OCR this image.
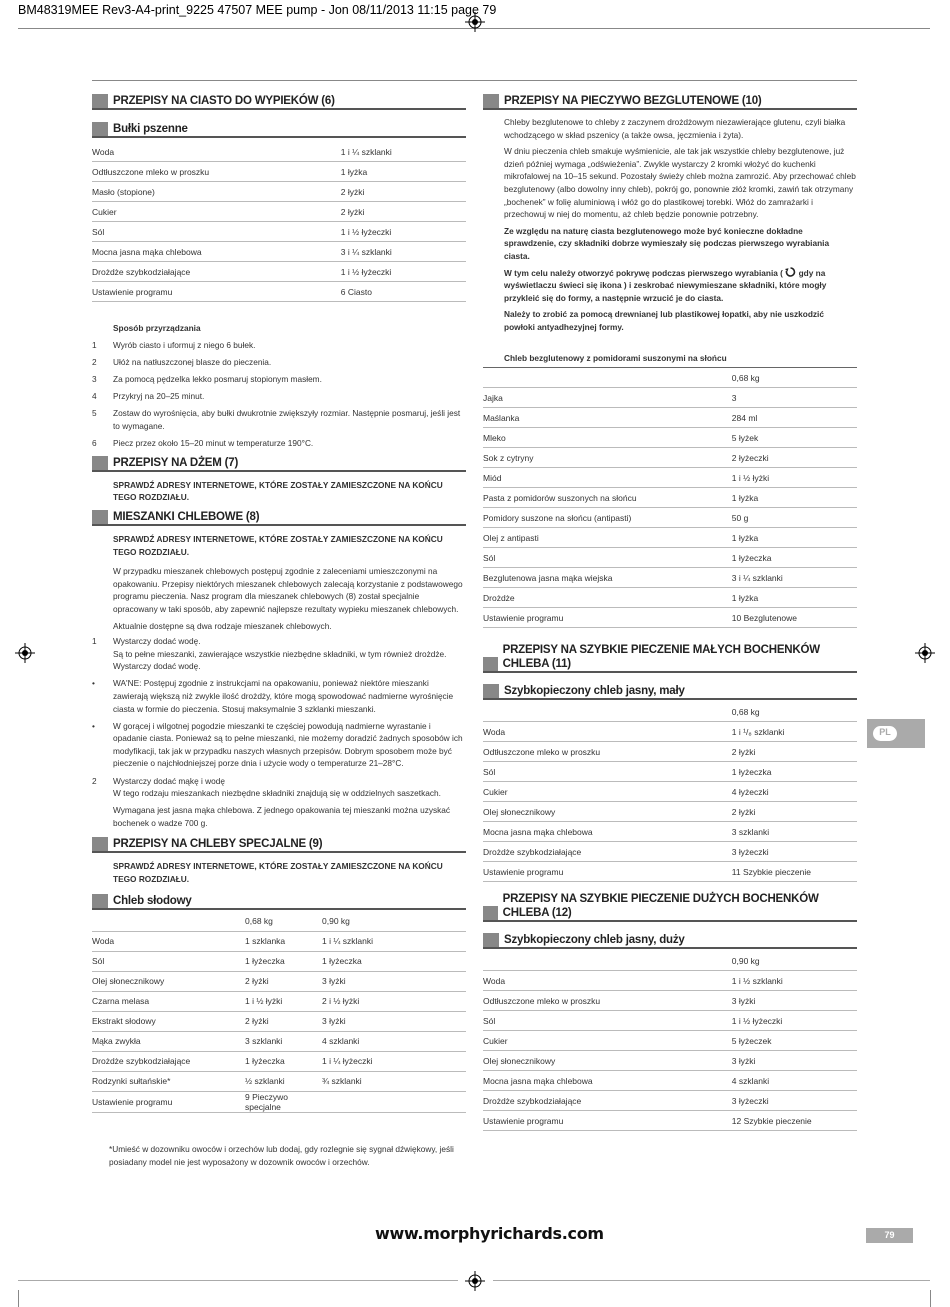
BM48319MEE Rev3-A4-print_9225 47507 MEE pump - Jon 08/11/2013 11:15 page 79
PRZEPISY NA CIASTO DO WYPIEKÓW (6)
Bułki pszenne
Woda	1 i ¼ szklanki
Odtłuszczone mleko w proszku	1 łyżka
Masło (stopione)	2 łyżki
Cukier	2 łyżki
Sól	1 i ½ łyżeczki
Mocna jasna mąka chlebowa	3 i ¼ szklanki
Drożdże szybkodziałające	1 i ½ łyżeczki
Ustawienie programu	6 Ciasto
Sposób przyrządzania
1	Wyrób ciasto i uformuj z niego 6 bułek.
2	Ułóż na natłuszczonej blasze do pieczenia.
3	Za pomocą pędzelka lekko posmaruj stopionym masłem.
4	Przykryj na 20–25 minut.
5	Zostaw do wyrośnięcia, aby bułki dwukrotnie zwiększyły rozmiar. Następnie posmaruj, jeśli jest to wymagane.
6	Piecz przez około 15–20 minut w temperaturze 190°C.
PRZEPISY NA DŻEM (7)
SPRAWDŹ ADRESY INTERNETOWE, KTÓRE ZOSTAŁY ZAMIESZCZONE NA KOŃCU TEGO ROZDZIAŁU.
MIESZANKI CHLEBOWE (8)
SPRAWDŹ ADRESY INTERNETOWE, KTÓRE ZOSTAŁY ZAMIESZCZONE NA KOŃCU TEGO ROZDZIAŁU.
W przypadku mieszanek chlebowych postępuj zgodnie z zaleceniami umieszczonymi na opakowaniu. Przepisy niektórych mieszanek chlebowych zalecają korzystanie z podstawowego programu pieczenia. Nasz program dla mieszanek chlebowych (8) został specjalnie opracowany w taki sposób, aby zapewnić najlepsze rezultaty wypieku mieszanek chlebowych.
Aktualnie dostępne są dwa rodzaje mieszanek chlebowych.
1	Wystarczy dodać wodę.
Są to pełne mieszanki, zawierające wszystkie niezbędne składniki, w tym również drożdże. Wystarczy dodać wodę.
•	WA'NE: Postępuj zgodnie z instrukcjami na opakowaniu, ponieważ niektóre mieszanki zawierają większą niż zwykle ilość drożdży, które mogą spowodować nadmierne wyrośnięcie ciasta w formie do pieczenia. Stosuj maksymalnie 3 szklanki mieszanki.
•	W gorącej i wilgotnej pogodzie mieszanki te częściej powodują nadmierne wyrastanie i opadanie ciasta. Ponieważ są to pełne mieszanki, nie możemy doradzić żadnych sposobów ich modyfikacji, tak jak w przypadku naszych własnych przepisów. Dobrym sposobem może być pieczenie o najchłodniejszej porze dnia i użycie wody o temperaturze 21–28°C.
2	Wystarczy dodać mąkę i wodę
W tego rodzaju mieszankach niezbędne składniki znajdują się w oddzielnych saszetkach.
Wymagana jest jasna mąka chlebowa. Z jednego opakowania tej mieszanki można uzyskać bochenek o wadze 700 g.
PRZEPISY NA CHLEBY SPECJALNE (9)
SPRAWDŹ ADRESY INTERNETOWE, KTÓRE ZOSTAŁY ZAMIESZCZONE NA KOŃCU TEGO ROZDZIAŁU.
Chleb słodowy
	0,68 kg	0,90 kg
Woda	1 szklanka	1 i ¼ szklanki
Sól	1 łyżeczka	1 łyżeczka
Olej słonecznikowy	2 łyżki	3 łyżki
Czarna melasa	1 i ½ łyżki	2 i ½ łyżki
Ekstrakt słodowy	2 łyżki	3 łyżki
Mąka zwykła	3 szklanki	4 szklanki
Drożdże szybkodziałające	1 łyżeczka	1 i ¼ łyżeczki
Rodzynki sułtańskie*	½ szklanki	¾ szklanki
Ustawienie programu	9 Pieczywo specjalne	
*Umieść w dozowniku owoców i orzechów lub dodaj, gdy rozlegnie się sygnał dźwiękowy, jeśli posiadany model nie jest wyposażony w dozownik owoców i orzechów.
PRZEPISY NA PIECZYWO BEZGLUTENOWE (10)
Chleby bezglutenowe to chleby z zaczynem drożdżowym niezawierające glutenu, czyli białka wchodzącego w skład pszenicy (a także owsa, jęczmienia i żyta).
W dniu pieczenia chleb smakuje wyśmienicie, ale tak jak wszystkie chleby bezglutenowe, już dzień później wymaga „odświeżenia”. Zwykle wystarczy 2 kromki włożyć do kuchenki mikrofalowej na 10–15 sekund. Pozostały świeży chleb można zamrozić. Aby przechować chleb bezglutenowy (albo dowolny inny chleb), pokrój go, ponownie złóż kromki, zawiń tak otrzymany „bochenek” w folię aluminiową i włóż go do plastikowej torebki. Włóż do zamrażarki i przechowuj w niej do momentu, aż chleb będzie ponownie potrzebny.
Ze względu na naturę ciasta bezglutenowego może być konieczne dokładne sprawdzenie, czy składniki dobrze wymieszały się podczas pierwszego wyrabiania ciasta.
W tym celu należy otworzyć pokrywę podczas pierwszego wyrabiania ( gdy na wyświetlaczu świeci się ikona ) i zeskrobać niewymieszane składniki, które mogły przykleić się do formy, a następnie wrzucić je do ciasta.
Należy to zrobić za pomocą drewnianej lub plastikowej łopatki, aby nie uszkodzić powłoki antyadhezyjnej formy.
Chleb bezglutenowy z pomidorami suszonymi na słońcu
	0,68 kg
Jajka	3
Maślanka	284 ml
Mleko	5 łyżek
Sok z cytryny	2 łyżeczki
Miód	1 i ½ łyżki
Pasta z pomidorów suszonych na słońcu	1 łyżka
Pomidory suszone na słońcu (antipasti)	50 g
Olej z antipasti	1 łyżka
Sól	1 łyżeczka
Bezglutenowa jasna mąka wiejska	3 i ¼ szklanki
Drożdże	1 łyżka
Ustawienie programu	10 Bezglutenowe
PRZEPISY NA SZYBKIE PIECZENIE MAŁYCH BOCHENKÓW CHLEBA (11)
Szybkopieczony chleb jasny, mały
	0,68 kg
Woda	1 i ¹/₈ szklanki
Odtłuszczone mleko w proszku	2 łyżki
Sól	1 łyżeczka
Cukier	4 łyżeczki
Olej słonecznikowy	2 łyżki
Mocna jasna mąka chlebowa	3 szklanki
Drożdże szybkodziałające	3 łyżeczki
Ustawienie programu	11 Szybkie pieczenie
PRZEPISY NA SZYBKIE PIECZENIE DUŻYCH BOCHENKÓW CHLEBA (12)
Szybkopieczony chleb jasny, duży
	0,90 kg
Woda	1 i ½ szklanki
Odtłuszczone mleko w proszku	3 łyżki
Sól	1 i ½ łyżeczki
Cukier	5 łyżeczek
Olej słonecznikowy	3 łyżki
Mocna jasna mąka chlebowa	4 szklanki
Drożdże szybkodziałające	3 łyżeczki
Ustawienie programu	12 Szybkie pieczenie
PL
www.morphyrichards.com	79
